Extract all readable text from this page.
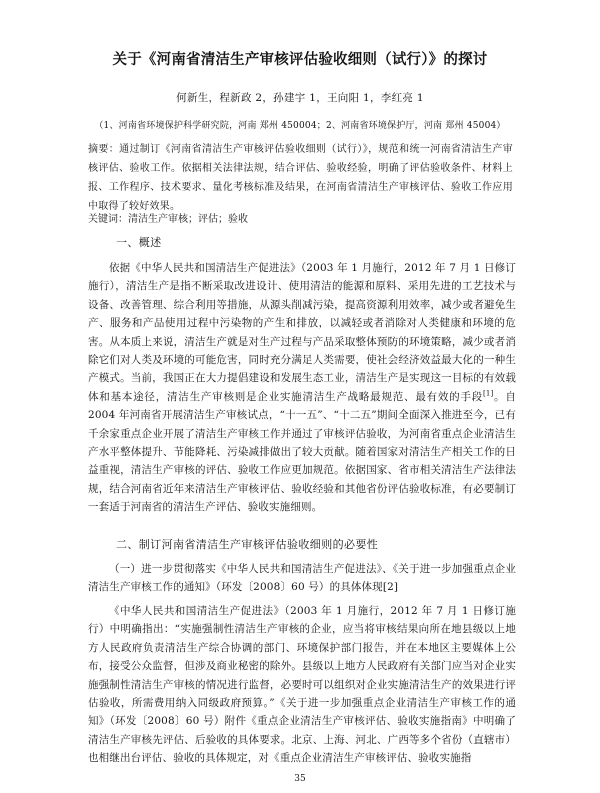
关于《河南省清洁生产审核评估验收细则（试行）》的探讨
何新生，程新政 2，孙建宇 1，王向阳 1，李红亮 1
（1、河南省环境保护科学研究院，河南 郑州 450004；2、河南省环境保护厅，河南 郑州 45004）
摘要：通过制订《河南省清洁生产审核评估验收细则（试行）》，规范和统一河南省清洁生产审核评估、验收工作。依据相关法律法规，结合评估、验收经验，明确了评估验收条件、材料上报、工作程序、技术要求、量化考核标准及结果，在河南省清洁生产审核评估、验收工作应用中取得了较好效果。
关键词：清洁生产审核；评估；验收
一、概述

依据《中华人民共和国清洁生产促进法》（2003 年 1 月施行，2012 年 7 月 1 日修订施行），清洁生产是指不断采取改进设计、使用清洁的能源和原料、采用先进的工艺技术与设备、改善管理、综合利用等措施，从源头削减污染，提高资源利用效率，减少或者避免生产、服务和产品使用过程中污染物的产生和排放，以减轻或者消除对人类健康和环境的危害。从本质上来说，清洁生产就是对生产过程与产品采取整体预防的环境策略，减少或者消除它们对人类及环境的可能危害，同时充分满足人类需要，使社会经济效益最大化的一种生产模式。当前，我国正在大力提倡建设和发展生态工业，清洁生产是实现这一目标的有效载体和基本途径，清洁生产审核则是企业实施清洁生产战略最规范、最有效的手段[1]。自 2004 年河南省开展清洁生产审核试点，“十一五”、“十二五”期间全面深入推进至今，已有千余家重点企业开展了清洁生产审核工作并通过了审核评估验收，为河南省重点企业清洁生产水平整体提升、节能降耗、污染减排做出了较大贡献。随着国家对清洁生产相关工作的日益重视，清洁生产审核的评估、验收工作应更加规范。依据国家、省市相关清洁生产法律法规，结合河南省近年来清洁生产审核评估、验收经验和其他省份评估验收标准，有必要制订一套适于河南省的清洁生产评估、验收实施细则。

二、制订河南省清洁生产审核评估验收细则的必要性

（一）进一步贯彻落实《中华人民共和国清洁生产促进法》、《关于进一步加强重点企业清洁生产审核工作的通知》（环发〔2008〕60 号）的具体体现[2]

《中华人民共和国清洁生产促进法》（2003 年 1 月施行，2012 年 7 月 1 日修订施行）中明确指出：“实施强制性清洁生产审核的企业，应当将审核结果向所在地县级以上地方人民政府负责清洁生产综合协调的部门、环境保护部门报告，并在本地区主要媒体上公布，接受公众监督，但涉及商业秘密的除外。县级以上地方人民政府有关部门应当对企业实施强制性清洁生产审核的情况进行监督，必要时可以组织对企业实施清洁生产的效果进行评估验收，所需费用纳入同级政府预算。”《关于进一步加强重点企业清洁生产审核工作的通知》（环发〔2008〕60 号）附件《重点企业清洁生产审核评估、验收实施指南》中明确了清洁生产审核先评估、后验收的具体要求。北京、上海、河北、广西等多个省份（直辖市）也相继出台评估、验收的具体规定，对《重点企业清洁生产审核评估、验收实施指

35
